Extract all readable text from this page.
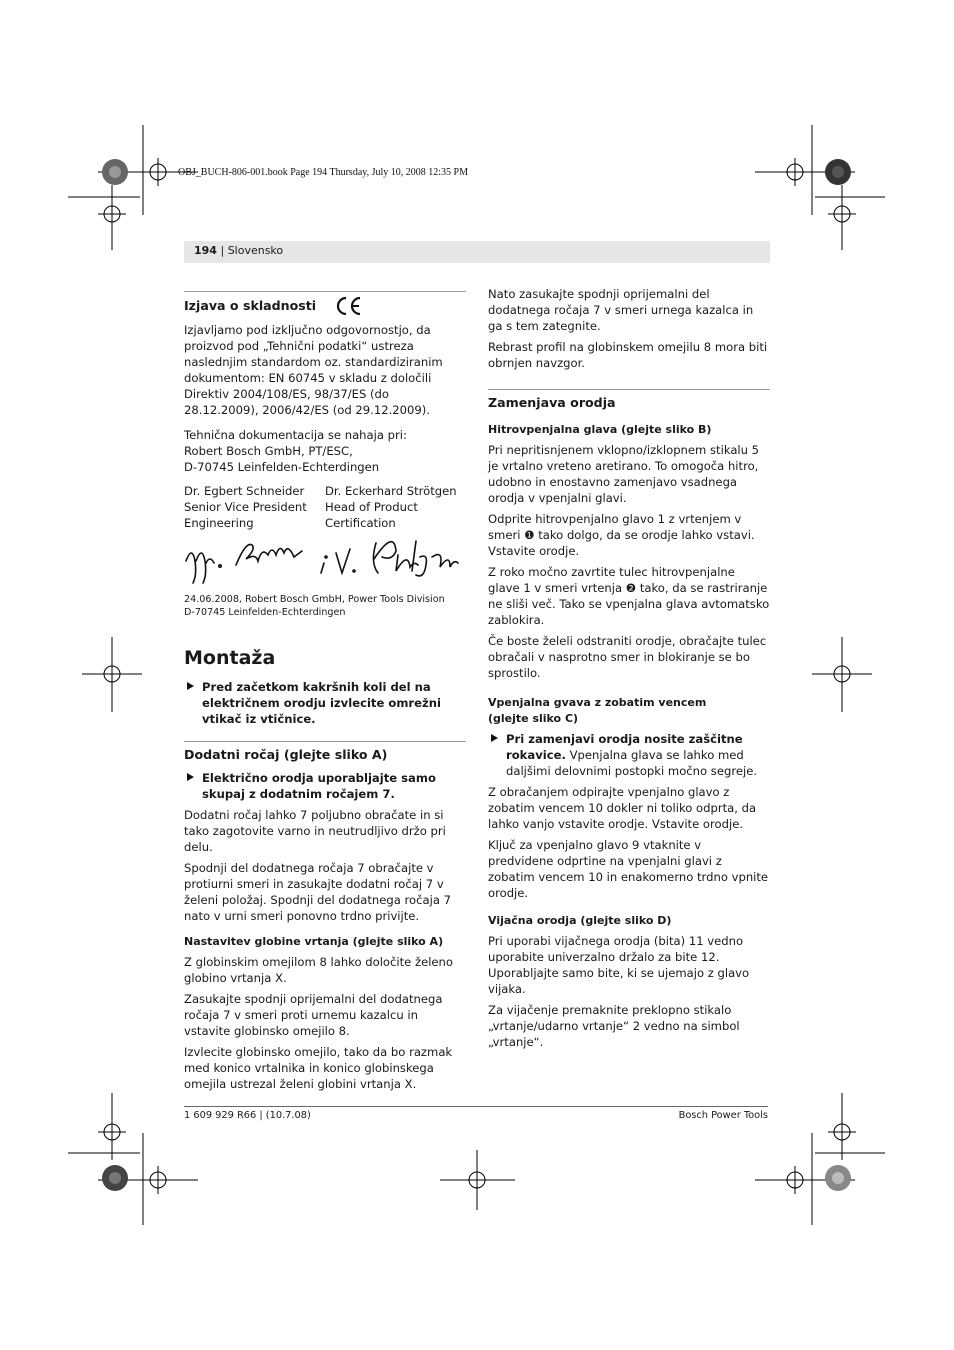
OBJ_BUCH-806-001.book Page 194 Thursday, July 10, 2008 12:35 PM
194 | Slovensko
Izjava o skladnosti

Izjavljamo pod izključno odgovornostjo, da proizvod pod „Tehnični podatki“ ustreza naslednjim standardom oz. standardiziranim dokumentom: EN 60745 v skladu z določili Direktiv 2004/108/ES, 98/37/ES (do 28.12.2009), 2006/42/ES (od 29.12.2009).

Tehnična dokumentacija se nahaja pri:
Robert Bosch GmbH, PT/ESC,
D-70745 Leinfelden-Echterdingen

Dr. Egbert Schneider
Senior Vice President
Engineering
Dr. Eckerhard Strötgen
Head of Product
Certification

24.06.2008, Robert Bosch GmbH, Power Tools Division
D-70745 Leinfelden-Echterdingen

Montaža
Pred začetkom kakršnih koli del na električnem orodju izvlecite omrežni vtikač iz vtičnice.
Dodatni ročaj (glejte sliko A)
Električno orodja uporabljajte samo skupaj z dodatnim ročajem 7.

Dodatni ročaj lahko 7 poljubno obračate in si tako zagotovite varno in neutrudljivo držo pri delu.

Spodnji del dodatnega ročaja 7 obračajte v protiurni smeri in zasukajte dodatni ročaj 7 v želeni položaj. Spodnji del dodatnega ročaja 7 nato v urni smeri ponovno trdno privijte.

Nastavitev globine vrtanja (glejte sliko A)

Z globinskim omejilom 8 lahko določite želeno globino vrtanja X.

Zasukajte spodnji oprijemalni del dodatnega ročaja 7 v smeri proti urnemu kazalcu in vstavite globinsko omejilo 8.

Izvlecite globinsko omejilo, tako da bo razmak med konico vrtalnika in konico globinskega omejila ustrezal želeni globini vrtanja X.

Nato zasukajte spodnji oprijemalni del dodatnega ročaja 7 v smeri urnega kazalca in ga s tem zategnite.

Rebrast profil na globinskem omejilu 8 mora biti obrnjen navzgor.

Zamenjava orodja
Hitrovpenjalna glava (glejte sliko B)

Pri nepritisnjenem vklopno/izklopnem stikalu 5 je vrtalno vreteno aretirano. To omogoča hitro, udobno in enostavno zamenjavo vsadnega orodja v vpenjalni glavi.

Odprite hitrovpenjalno glavo 1 z vrtenjem v smeri ❶ tako dolgo, da se orodje lahko vstavi. Vstavite orodje.

Z roko močno zavrtite tulec hitrovpenjalne glave 1 v smeri vrtenja ❷ tako, da se rastriranje ne sliši več. Tako se vpenjalna glava avtomatsko zablokira.

Če boste želeli odstraniti orodje, obračajte tulec obračali v nasprotno smer in blokiranje se bo sprostilo.

Vpenjalna gvava z zobatim vencem
(glejte sliko C)
Pri zamenjavi orodja nosite zaščitne rokavice. Vpenjalna glava se lahko med daljšimi delovnimi postopki močno segreje.

Z obračanjem odpirajte vpenjalno glavo z zobatim vencem 10 dokler ni toliko odprta, da lahko vanjo vstavite orodje. Vstavite orodje.

Ključ za vpenjalno glavo 9 vtaknite v predvidene odprtine na vpenjalni glavi z zobatim vencem 10 in enakomerno trdno vpnite orodje.

Vijačna orodja (glejte sliko D)

Pri uporabi vijačnega orodja (bita) 11 vedno uporabite univerzalno držalo za bite 12. Uporabljajte samo bite, ki se ujemajo z glavo vijaka.

Za vijačenje premaknite preklopno stikalo „vrtanje/udarno vrtanje“ 2 vedno na simbol „vrtanje“.

1 609 929 R66 | (10.7.08)	Bosch Power Tools
